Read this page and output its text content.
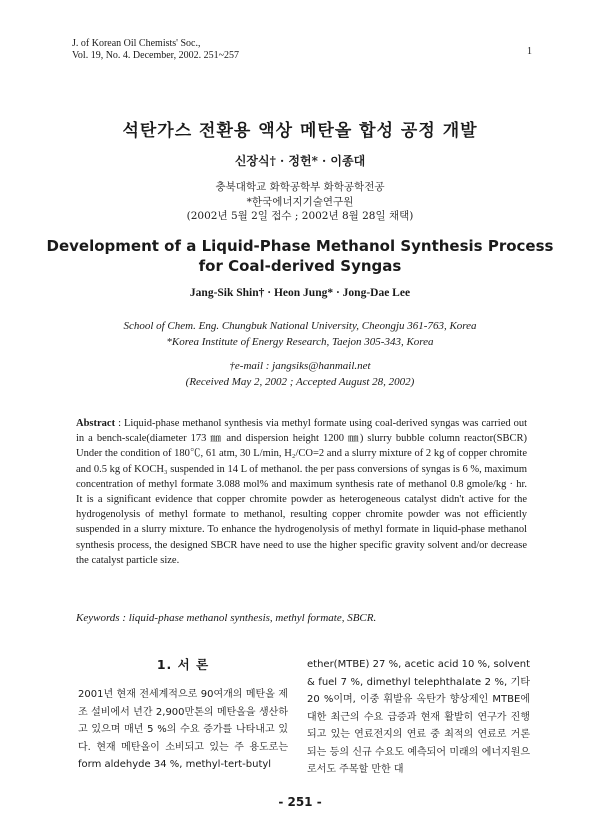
J. of Korean Oil Chemists' Soc.,
Vol. 19, No. 4. December, 2002. 251~257	1
석탄가스 전환용 액상 메탄올 합성 공정 개발
신장식† · 정헌* · 이종대
충북대학교 화학공학부 화학공학전공
*한국에너지기술연구원
(2002년 5월 2일 접수 ; 2002년 8월 28일 채택)
Development of a Liquid-Phase Methanol Synthesis Process
for Coal-derived Syngas
Jang-Sik Shin† · Heon Jung* · Jong-Dae Lee
School of Chem. Eng. Chungbuk National University, Cheongju 361-763, Korea
*Korea Institute of Energy Research, Taejon 305-343, Korea
†e-mail : jangsiks@hanmail.net
(Received May 2, 2002 ; Accepted August 28, 2002)
Abstract : Liquid-phase methanol synthesis via methyl formate using coal-derived syngas was carried out in a bench-scale(diameter 173 ㎜ and dispersion height 1200 ㎜) slurry bubble column reactor(SBCR) Under the condition of 180℃, 61 atm, 30 L/min, H₂/CO=2 and a slurry mixture of 2 kg of copper chromite and 0.5 kg of KOCH₃ suspended in 14 L of methanol. the per pass conversions of syngas is 6 %, maximum concentration of methyl formate 3.088 mol% and maximum synthesis rate of methanol 0.8 gmole/kg · hr. It is a significant evidence that copper chromite powder as heterogeneous catalyst didn't active for the hydrogenolysis of methyl formate to methanol, resulting copper chromite powder was not efficiently suspended in a slurry mixture. To enhance the hydrogenolysis of methyl formate in liquid-phase methanol synthesis process, the designed SBCR have need to use the higher specific gravity solvent and/or decrease the catalyst particle size.
Keywords : liquid-phase methanol synthesis, methyl formate, SBCR.
1. 서 론
2001년 현재 전세계적으로 90여개의 메탄올 제조 설비에서 년간 2,900만톤의 메탄올을 생산하고 있으며 매년 5 %의 수요 증가를 나타내고 있다. 현재 메탄올이 소비되고 있는 주 용도로는 form aldehyde 34 %, methyl-tert-butyl
ether(MTBE) 27 %, acetic acid 10 %, solvent & fuel 7 %, dimethyl telephthalate 2 %, 기타 20 %이며, 이중 휘발유 옥탄가 향상제인 MTBE에 대한 최근의 수요 급증과 현재 활발히 연구가 진행되고 있는 연료전지의 연료 중 최적의 연료로 거론되는 등의 신규 수요도 예측되어 미래의 에너지원으로서도 주목할 만한 대
- 251 -
